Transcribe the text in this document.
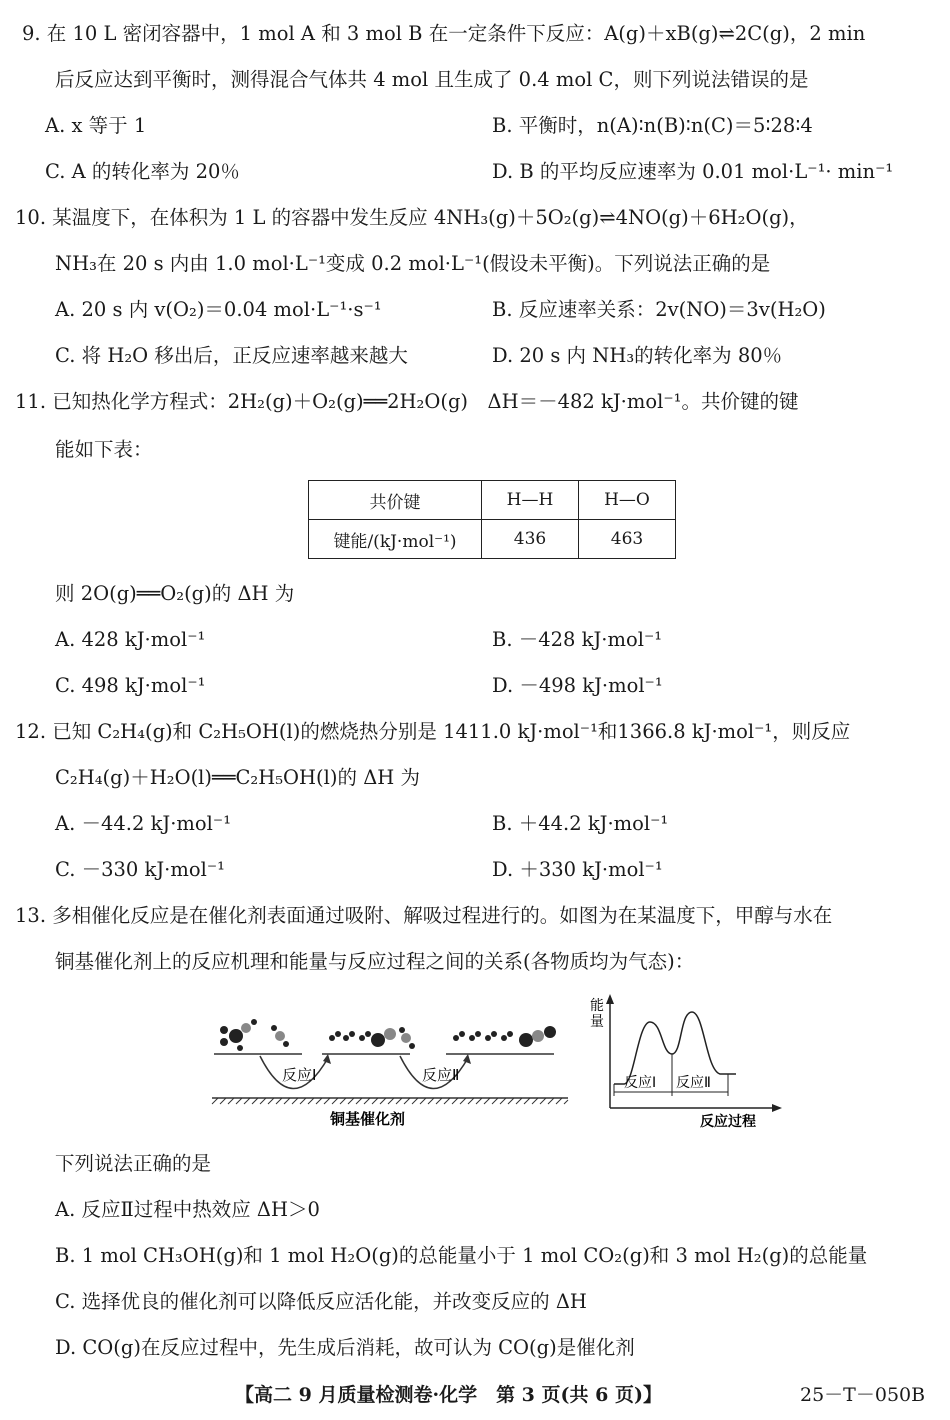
9. 在 10 L 密闭容器中，1 mol A 和 3 mol B 在一定条件下反应：A(g)＋xB(g)⇌2C(g)，2 min
后反应达到平衡时，测得混合气体共 4 mol 且生成了 0.4 mol C，则下列说法错误的是
A. x 等于 1	B. 平衡时，n(A)∶n(B)∶n(C)＝5∶28∶4
C. A 的转化率为 20％	D. B 的平均反应速率为 0.01 mol·L⁻¹· min⁻¹
10. 某温度下，在体积为 1 L 的容器中发生反应 4NH₃(g)＋5O₂(g)⇌4NO(g)＋6H₂O(g)，
NH₃在 20 s 内由 1.0 mol·L⁻¹变成 0.2 mol·L⁻¹(假设未平衡)。下列说法正确的是
A. 20 s 内 v(O₂)＝0.04 mol·L⁻¹·s⁻¹	B. 反应速率关系：2v(NO)＝3v(H₂O)
C. 将 H₂O 移出后，正反应速率越来越大	D. 20 s 内 NH₃的转化率为 80％
11. 已知热化学方程式：2H₂(g)＋O₂(g)══2H₂O(g)　ΔH＝－482 kJ·mol⁻¹。共价键的键
能如下表：
共价键	H—H	H—O
键能/(kJ·mol⁻¹)	436	463
则 2O(g)══O₂(g)的 ΔH 为
A. 428 kJ·mol⁻¹	B. －428 kJ·mol⁻¹
C. 498 kJ·mol⁻¹	D. －498 kJ·mol⁻¹
12. 已知 C₂H₄(g)和 C₂H₅OH(l)的燃烧热分别是 1411.0 kJ·mol⁻¹和1366.8 kJ·mol⁻¹，则反应
C₂H₄(g)＋H₂O(l)══C₂H₅OH(l)的 ΔH 为
A. －44.2 kJ·mol⁻¹	B. ＋44.2 kJ·mol⁻¹
C. －330 kJ·mol⁻¹	D. ＋330 kJ·mol⁻¹
13. 多相催化反应是在催化剂表面通过吸附、解吸过程进行的。如图为在某温度下，甲醇与水在
铜基催化剂上的反应机理和能量与反应过程之间的关系(各物质均为气态)：
反应Ⅰ	反应Ⅱ
铜基催化剂
能
量
反应Ⅰ 反应Ⅱ
反应过程
下列说法正确的是
A. 反应Ⅱ过程中热效应 ΔH＞0
B. 1 mol CH₃OH(g)和 1 mol H₂O(g)的总能量小于 1 mol CO₂(g)和 3 mol H₂(g)的总能量
C. 选择优良的催化剂可以降低反应活化能，并改变反应的 ΔH
D. CO(g)在反应过程中，先生成后消耗，故可认为 CO(g)是催化剂
【高二 9 月质量检测卷·化学　第 3 页(共 6 页)】	25－T－050B
